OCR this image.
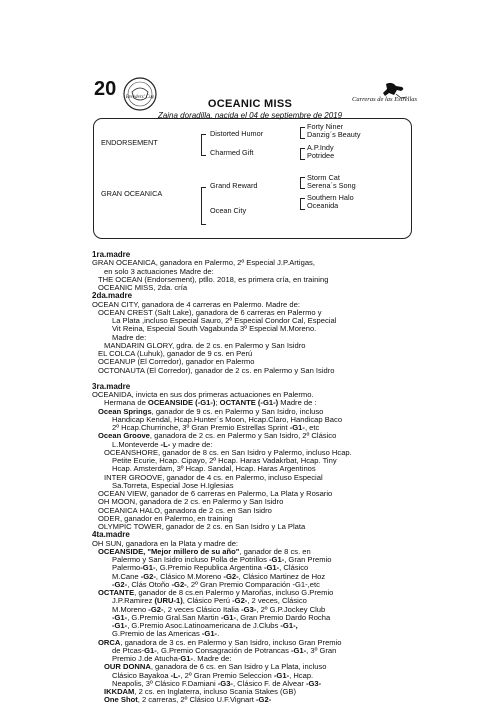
20 Breeders' Cup	Carreras de las Estrellas
OCEANIC MISS
Zaina doradilla, nacida el 04 de septiembre de 2019
ENDORSEMENT
Distorted Humor
Charmed Gift
Forty Niner
Danzig´s Beauty
A.P.Indy
Potridee
GRAN OCEANICA
Grand Reward
Ocean City
Storm Cat
Serena´s Song
Southern Halo
Oceanida
1ra.madre
GRAN OCEANICA, ganadora en Palermo, 2º Especial J.P.Artigas,
en solo 3 actuaciones Madre de:
THE OCEAN (Endorsement), ptllo. 2018, es primera cría, en training
OCEANIC MISS, 2da. cría
2da.madre
OCEAN CITY, ganadora de 4 carreras en Palermo. Madre de:
OCEAN CREST (Salt Lake), ganadora de 6 carreras en Palermo y
La Plata ,incluso Especial Sauro, 2º Especial Condor Cal, Especial
Vit Reina, Especial South Vagabunda 3º Especial M.Moreno.
Madre de:
MANDARIN GLORY, gdra. de 2 cs. en Palermo y San Isidro
EL COLCA (Luhuk), ganador de 9 cs. en Perú
OCEANUP (El Corredor), ganador en Palermo
OCTONAUTA (El Corredor), ganador de 2 cs. en Palermo y San Isidro
3ra.madre
OCEANIDA, invicta en sus dos primeras actuaciones en Palermo.
Hermana de OCEANSIDE (-G1-); OCTANTE (-G1-) Madre de :
Ocean Springs, ganador de 9 cs. en Palermo y San Isidro, incluso
Handicap Kendal, Hcap.Hunter´s Moon, Hcap.Claro, Handicap Baco
2º Hcap.Churrinche, 3º Gran Premio Estrellas Sprint -G1-, etc
Ocean Groove, ganadora de 2 cs. en Palermo y San Isidro, 2º Clásico
L.Monteverde -L- y madre de:
OCEANSHORE, ganador de 8 cs. en San Isidro y Palermo, incluso Hcap.
Petite Ecurie, Hcap. Cipayo, 2º Hcap. Haras Vadakrbat, Hcap. Tiny
Hcap. Amsterdam, 3º Hcap. Sandal, Hcap. Haras Argentinos
INTER GROOVE, ganador de 4 cs. en Palermo, incluso Especial
Sa.Torreta, Especial Jose H.Iglesias
OCEAN VIEW, ganador de 6 carreras en Palermo, La Plata y Rosario
OH MOON, ganadora de 2 cs. en Palermo y San Isidro
OCEANICA HALO, ganadora de 2 cs. en San Isidro
ODER, ganador en Palermo, en training
OLYMPIC TOWER, ganador de 2 cs. en San Isidro y La Plata
4ta.madre
OH SUN, ganadora en la Plata y madre de:
OCEANSIDE, "Mejor millero de su año", ganador de 8 cs. en
Palermo y San Isidro incluso Polla de Potrillos -G1-, Gran Premio
Palermo-G1-, G.Premio Republica Argentina -G1-, Clásico
M.Cane -G2-, Clásico M.Moreno -G2-, Clásico Martinez de Hoz
-G2-, Clás Otoño -G2-, 2º Gran Premio Comparación -G1-,etc
OCTANTE, ganador de 8 cs.en Palermo y Marоñas, incluso G.Premio
J.P.Ramirez (URU-1), Clásico Perú -G2-, 2 veces, Clásico
M.Moreno -G2-, 2 veces Clásico Italia -G3-, 2º G.P.Jockey Club
-G1-, G.Premio Gral.San Martin -G1-, Gran Premio Dardo Rocha
-G1-, G.Premio Asoc.Latinoamericana de J.Clubs -G1-,
G.Premio de las Americas -G1-.
ORCA, ganadora de 3 cs. en Palermo y San Isidro, incluso Gran Premio
de Ptcas-G1-, G.Premio Consagración de Potrancas -G1-, 3º Gran
Premio J.de Atucha-G1-. Madre de:
OUR DONNA, ganadora de 6 cs. en San Isidro y La Plata, incluso
Clásico Bayakoa -L-, 2º Gran Premio Seleccion -G1-, Hcap.
Neapolis, 3º Clásico F.Damiani -G3-, Clásico F. de Alvear -G3-
IKKDAM, 2 cs. en Inglaterra, incluso Scania Stakes (GB)
One Shot, 2 carreras, 2º Clásico U.F.Vignart -G2-
